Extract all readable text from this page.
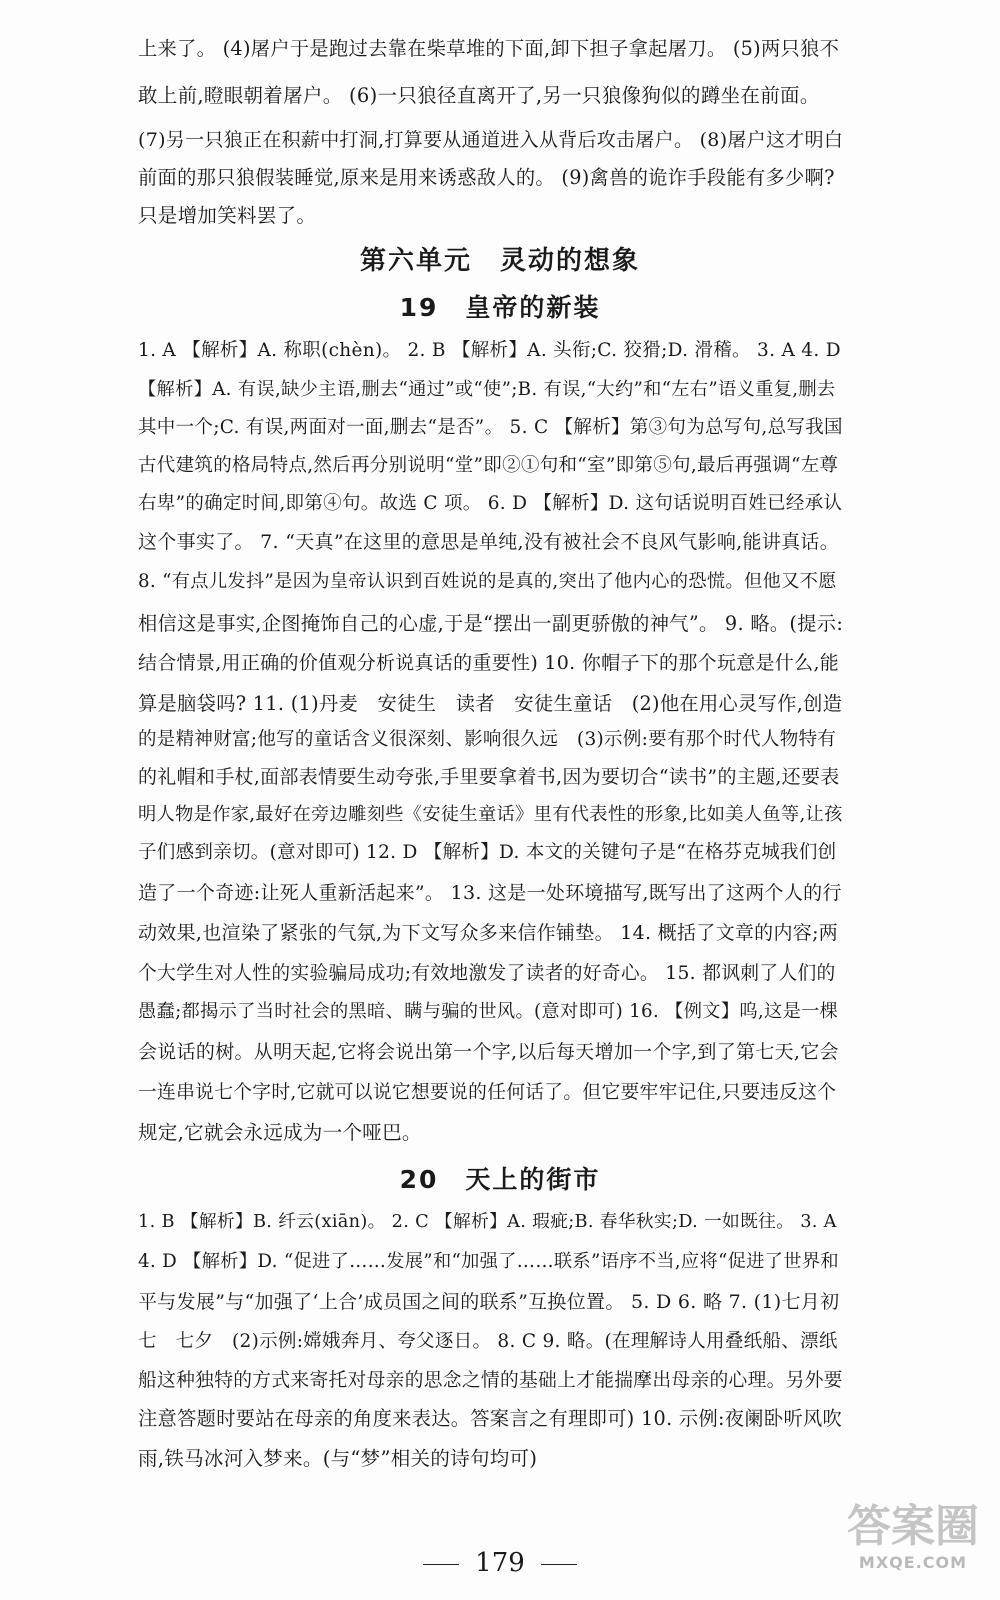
上来了。 (4)屠户于是跑过去靠在柴草堆的下面,卸下担子拿起屠刀。 (5)两只狼不
敢上前,瞪眼朝着屠户。 (6)一只狼径直离开了,另一只狼像狗似的蹲坐在前面。
(7)另一只狼正在积薪中打洞,打算要从通道进入从背后攻击屠户。 (8)屠户这才明白
前面的那只狼假装睡觉,原来是用来诱惑敌人的。 (9)禽兽的诡诈手段能有多少啊?
只是增加笑料罢了。
第六单元　灵动的想象
19　皇帝的新装
1. A 【解析】A. 称职(chèn)。 2. B 【解析】A. 头衔;C. 狡猾;D. 滑稽。 3. A 4. D
【解析】A. 有误,缺少主语,删去“通过”或“使”;B. 有误,“大约”和“左右”语义重复,删去
其中一个;C. 有误,两面对一面,删去“是否”。 5. C 【解析】第③句为总写句,总写我国
古代建筑的格局特点,然后再分别说明“堂”即②①句和“室”即第⑤句,最后再强调“左尊
右卑”的确定时间,即第④句。故选 C 项。 6. D 【解析】D. 这句话说明百姓已经承认
这个事实了。 7. “天真”在这里的意思是单纯,没有被社会不良风气影响,能讲真话。
8. “有点儿发抖”是因为皇帝认识到百姓说的是真的,突出了他内心的恐慌。但他又不愿
相信这是事实,企图掩饰自己的心虚,于是“摆出一副更骄傲的神气”。 9. 略。(提示:
结合情景,用正确的价值观分析说真话的重要性) 10. 你帽子下的那个玩意是什么,能
算是脑袋吗? 11. (1)丹麦　安徒生　读者　安徒生童话　(2)他在用心灵写作,创造
的是精神财富;他写的童话含义很深刻、影响很久远　(3)示例:要有那个时代人物特有
的礼帽和手杖,面部表情要生动夸张,手里要拿着书,因为要切合“读书”的主题,还要表
明人物是作家,最好在旁边雕刻些《安徒生童话》里有代表性的形象,比如美人鱼等,让孩
子们感到亲切。(意对即可) 12. D 【解析】D. 本文的关键句子是“在格芬克城我们创
造了一个奇迹:让死人重新活起来”。 13. 这是一处环境描写,既写出了这两个人的行
动效果,也渲染了紧张的气氛,为下文写众多来信作铺垫。 14. 概括了文章的内容;两
个大学生对人性的实验骗局成功;有效地激发了读者的好奇心。 15. 都讽刺了人们的
愚蠢;都揭示了当时社会的黑暗、瞒与骗的世风。(意对即可) 16. 【例文】呜,这是一棵
会说话的树。从明天起,它将会说出第一个字,以后每天增加一个字,到了第七天,它会
一连串说七个字时,它就可以说它想要说的任何话了。但它要牢牢记住,只要违反这个
规定,它就会永远成为一个哑巴。
20　天上的街市
1. B 【解析】B. 纤云(xiān)。 2. C 【解析】A. 瑕疵;B. 春华秋实;D. 一如既往。 3. A
4. D 【解析】D. “促进了……发展”和“加强了……联系”语序不当,应将“促进了世界和
平与发展”与“加强了‘上合’成员国之间的联系”互换位置。 5. D 6. 略 7. (1)七月初
七　七夕　(2)示例:嫦娥奔月、夸父逐日。 8. C 9. 略。(在理解诗人用叠纸船、漂纸
船这种独特的方式来寄托对母亲的思念之情的基础上才能揣摩出母亲的心理。另外要
注意答题时要站在母亲的角度来表达。答案言之有理即可) 10. 示例:夜阑卧听风吹
雨,铁马冰河入梦来。(与“梦”相关的诗句均可)
179
答案圈
MXQE.COM
